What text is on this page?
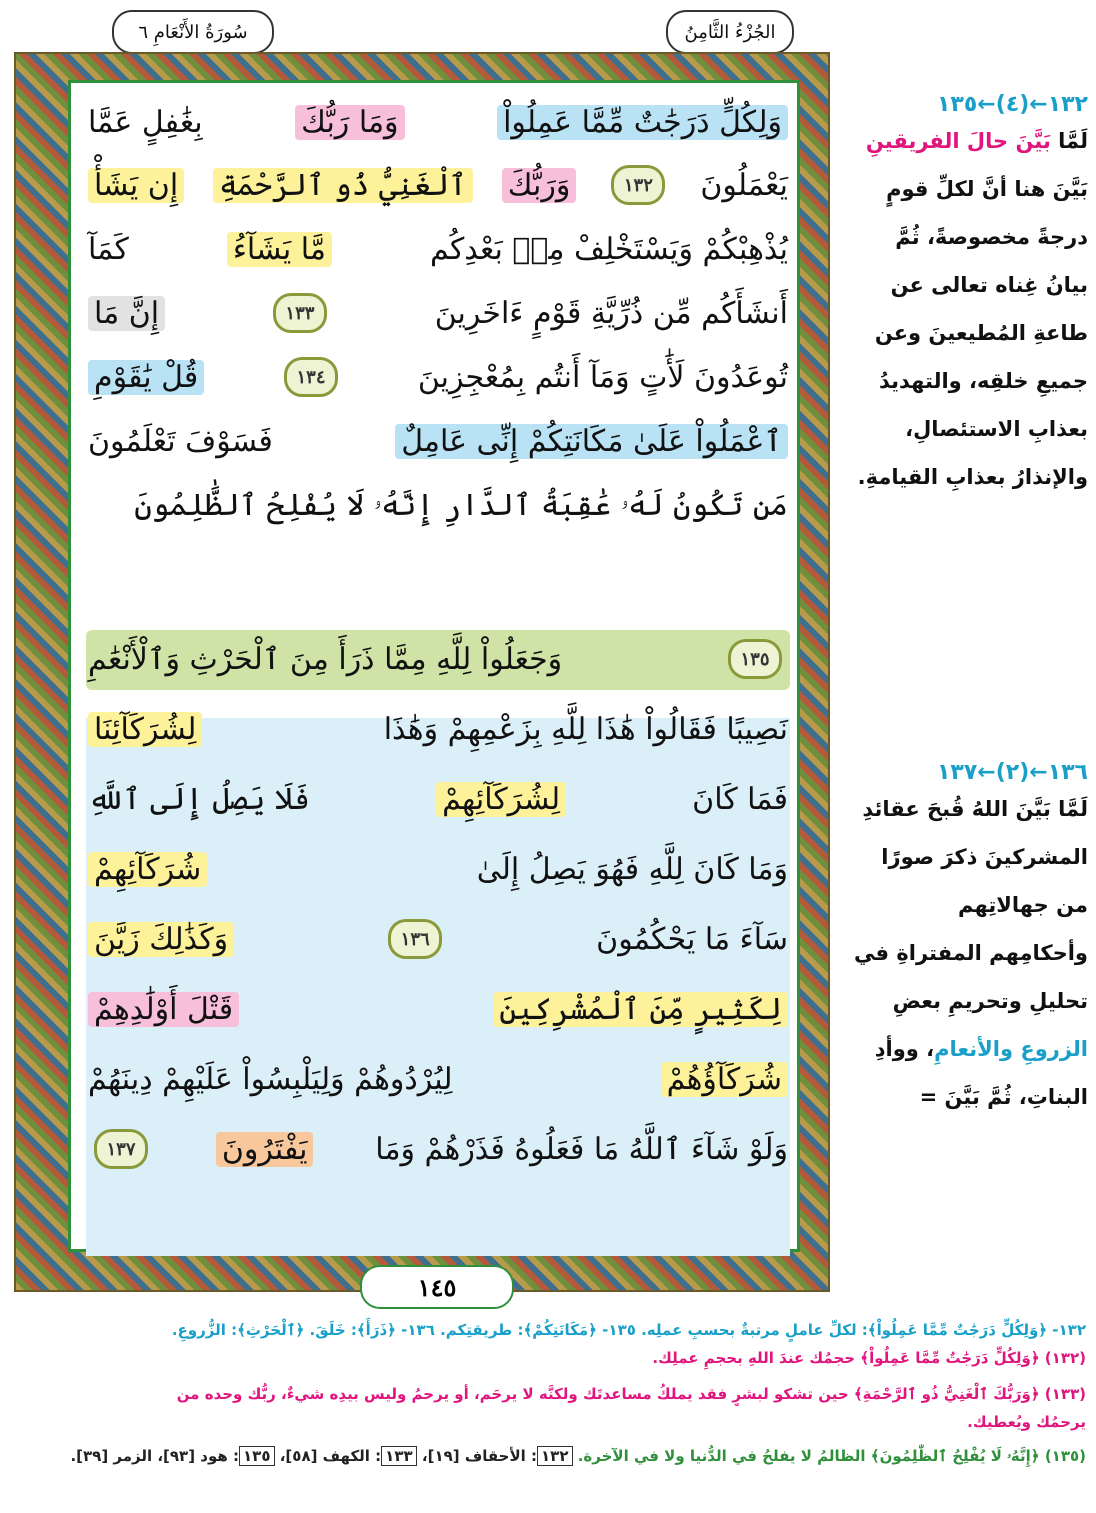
سُورَةُ الأَنْعَامِ ٦	الجُزْءُ الثَّامِنُ
وَلِكُلٍّ دَرَجَٰتٌ مِّمَّا عَمِلُواْ
وَمَا رَبُّكَ
بِغَٰفِلٍ عَمَّا
يَعْمَلُونَ
١٣٢
وَرَبُّكَ
ٱلْغَنِيُّ ذُو ٱلرَّحْمَةِ
إِن يَشَأْ
يُذْهِبْكُمْ وَيَسْتَخْلِفْ مِنۢ بَعْدِكُم
مَّا يَشَآءُ
كَمَآ
أَنشَأَكُم مِّن ذُرِّيَّةِ قَوْمٍ ءَاخَرِينَ
١٣٣
إِنَّ مَا
تُوعَدُونَ لَأَٰتٍ وَمَآ أَنتُم بِمُعْجِزِينَ
١٣٤
قُلْ يَٰقَوْمِ
ٱعْمَلُواْ عَلَىٰ مَكَانَتِكُمْ إِنِّى عَامِلٌ
فَسَوْفَ تَعْلَمُونَ
مَن تَكُونُ لَهُۥ عَٰقِبَةُ ٱلدَّارِ إِنَّهُۥ لَا يُفْلِحُ ٱلظَّٰلِمُونَ
١٣٥
وَجَعَلُواْ لِلَّهِ مِمَّا ذَرَأَ مِنَ ٱلْحَرْثِ وَٱلْأَنْعَٰمِ
نَصِيبًا فَقَالُواْ هَٰذَا لِلَّهِ بِزَعْمِهِمْ وَهَٰذَا
لِشُرَكَآئِنَا
فَمَا كَانَ
لِشُرَكَآئِهِمْ
فَلَا يَصِلُ إِلَى ٱللَّهِ
وَمَا كَانَ لِلَّهِ فَهُوَ يَصِلُ إِلَىٰ
شُرَكَآئِهِمْ
سَآءَ مَا يَحْكُمُونَ
١٣٦
وَكَذَٰلِكَ زَيَّنَ
لِكَثِيرٍ مِّنَ ٱلْمُشْرِكِينَ
قَتْلَ أَوْلَٰدِهِمْ
شُرَكَآؤُهُمْ
لِيُرْدُوهُمْ وَلِيَلْبِسُواْ عَلَيْهِمْ دِينَهُمْ
وَلَوْ شَآءَ ٱللَّهُ مَا فَعَلُوهُ فَذَرْهُمْ وَمَا
يَفْتَرُونَ
١٣٧
١٤٥
١٣٢←(٤)←١٣٥
لَمَّا بَيَّنَ حالَ الفريقينِ بَيَّنَ هنا أنَّ لكلِّ قومٍ درجةً مخصوصةً، ثُمَّ بيانُ غِناه تعالى عن طاعةِ المُطيعينَ وعن جميعِ خلقِه، والتهديدُ بعذابِ الاستئصالِ، والإنذارُ بعذابِ القيامةِ.
١٣٦←(٢)←١٣٧
لَمَّا بَيَّنَ اللهُ قُبحَ عقائدِ المشركينَ ذكرَ صورًا من جهالاتِهم وأحكامِهم المفتراةِ في تحليلِ وتحريمِ بعضِ الزروعِ والأنعامِ، ووأدِ البناتِ، ثُمَّ بَيَّنَ =
١٣٢- ﴿وَلِكُلٍّ دَرَجَٰتٌ مِّمَّا عَمِلُواْ﴾: لكلِّ عاملٍ مرتبةٌ بحسبِ عملِه. ١٣٥- ﴿مَكَانَتِكُمْ﴾: طريقتِكم. ١٣٦- ﴿ذَرَأَ﴾: خَلَقَ. ﴿ٱلْحَرْثِ﴾: الزُّروعِ.
(١٣٢) ﴿وَلِكُلٍّ دَرَجَٰتٌ مِّمَّا عَمِلُواْ﴾ حجمُك عندَ اللهِ بحجمِ عملِك.
(١٣٣) ﴿وَرَبُّكَ ٱلْغَنِيُّ ذُو ٱلرَّحْمَةِ﴾ حين تشكو لبشرٍ فقد يملكُ مساعدتَك ولكنَّه لا يرحَم، أو يرحمُ وليس بيدِه شيءٌ، ربُّك وحده من
يرحمُك ويُعطيك.
(١٣٥) ﴿إِنَّهُۥ لَا يُفْلِحُ ٱلظَّٰلِمُونَ﴾ الظالمُ لا يفلحُ في الدُّنيا ولا في الآخرة. ١٣٢: الأحقاف [١٩]، ١٣٣: الكهف [٥٨]، ١٣٥: هود [٩٣]، الزمر [٣٩].
